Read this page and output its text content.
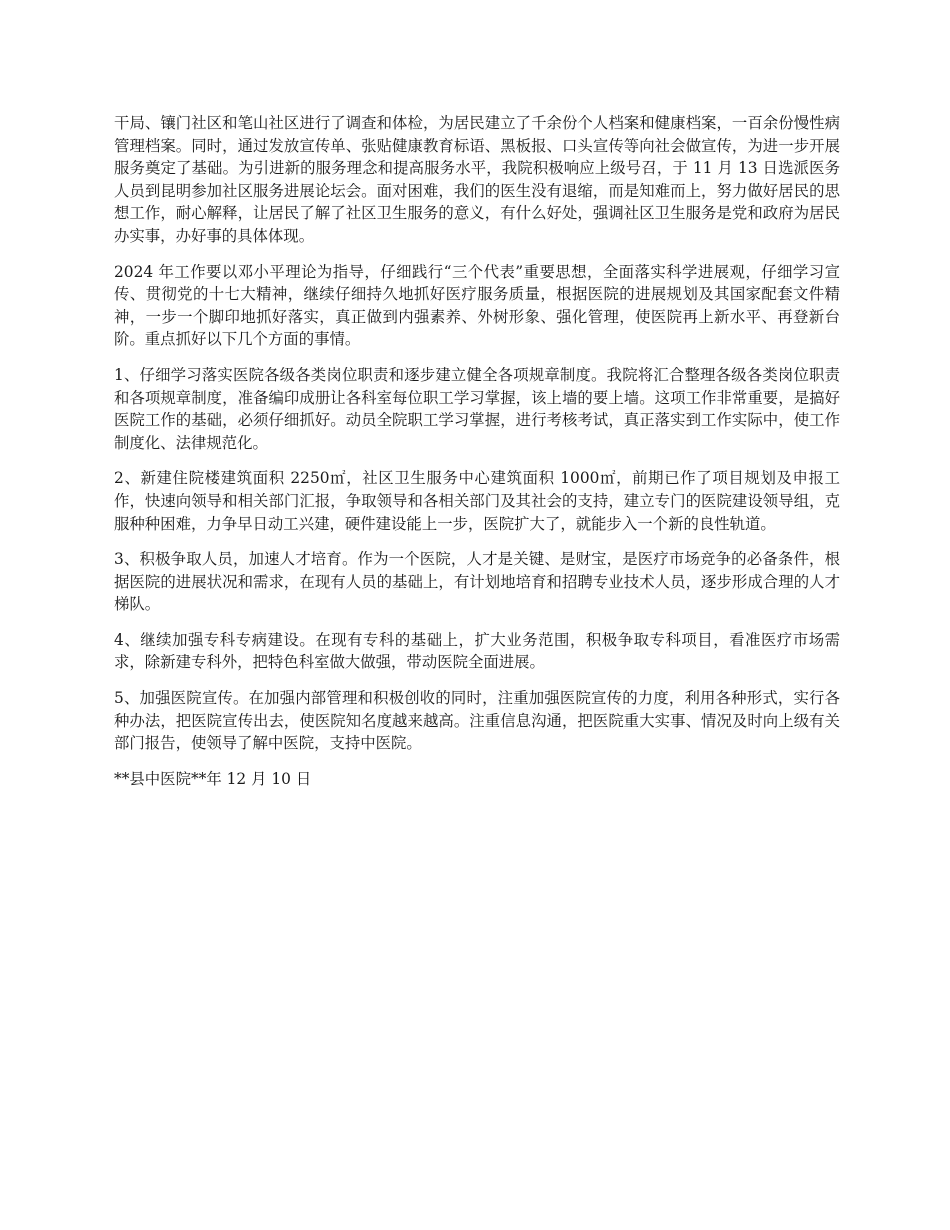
干局、镶门社区和笔山社区进行了调查和体检，为居民建立了千余份个人档案和健康档案，一百余份慢性病管理档案。同时，通过发放宣传单、张贴健康教育标语、黑板报、口头宣传等向社会做宣传，为进一步开展服务奠定了基础。为引进新的服务理念和提高服务水平，我院积极响应上级号召，于 11 月 13 日选派医务人员到昆明参加社区服务进展论坛会。面对困难，我们的医生没有退缩，而是知难而上，努力做好居民的思想工作，耐心解释，让居民了解了社区卫生服务的意义，有什么好处，强调社区卫生服务是党和政府为居民办实事，办好事的具体体现。

2024 年工作要以邓小平理论为指导，仔细践行“三个代表”重要思想，全面落实科学进展观，仔细学习宣传、贯彻党的十七大精神，继续仔细持久地抓好医疗服务质量，根据医院的进展规划及其国家配套文件精神，一步一个脚印地抓好落实，真正做到内强素养、外树形象、强化管理，使医院再上新水平、再登新台阶。重点抓好以下几个方面的事情。

1、仔细学习落实医院各级各类岗位职责和逐步建立健全各项规章制度。我院将汇合整理各级各类岗位职责和各项规章制度，准备编印成册让各科室每位职工学习掌握，该上墙的要上墙。这项工作非常重要，是搞好医院工作的基础，必须仔细抓好。动员全院职工学习掌握，进行考核考试，真正落实到工作实际中，使工作制度化、法律规范化。

2、新建住院楼建筑面积 2250㎡，社区卫生服务中心建筑面积 1000㎡，前期已作了项目规划及申报工作，快速向领导和相关部门汇报，争取领导和各相关部门及其社会的支持，建立专门的医院建设领导组，克服种种困难，力争早日动工兴建，硬件建设能上一步，医院扩大了，就能步入一个新的良性轨道。

3、积极争取人员，加速人才培育。作为一个医院，人才是关键、是财宝，是医疗市场竞争的必备条件，根据医院的进展状况和需求，在现有人员的基础上，有计划地培育和招聘专业技术人员，逐步形成合理的人才梯队。

4、继续加强专科专病建设。在现有专科的基础上，扩大业务范围，积极争取专科项目，看准医疗市场需求，除新建专科外，把特色科室做大做强，带动医院全面进展。

5、加强医院宣传。在加强内部管理和积极创收的同时，注重加强医院宣传的力度，利用各种形式，实行各种办法，把医院宣传出去，使医院知名度越来越高。注重信息沟通，把医院重大实事、情况及时向上级有关部门报告，使领导了解中医院，支持中医院。

**县中医院**年 12 月 10 日
